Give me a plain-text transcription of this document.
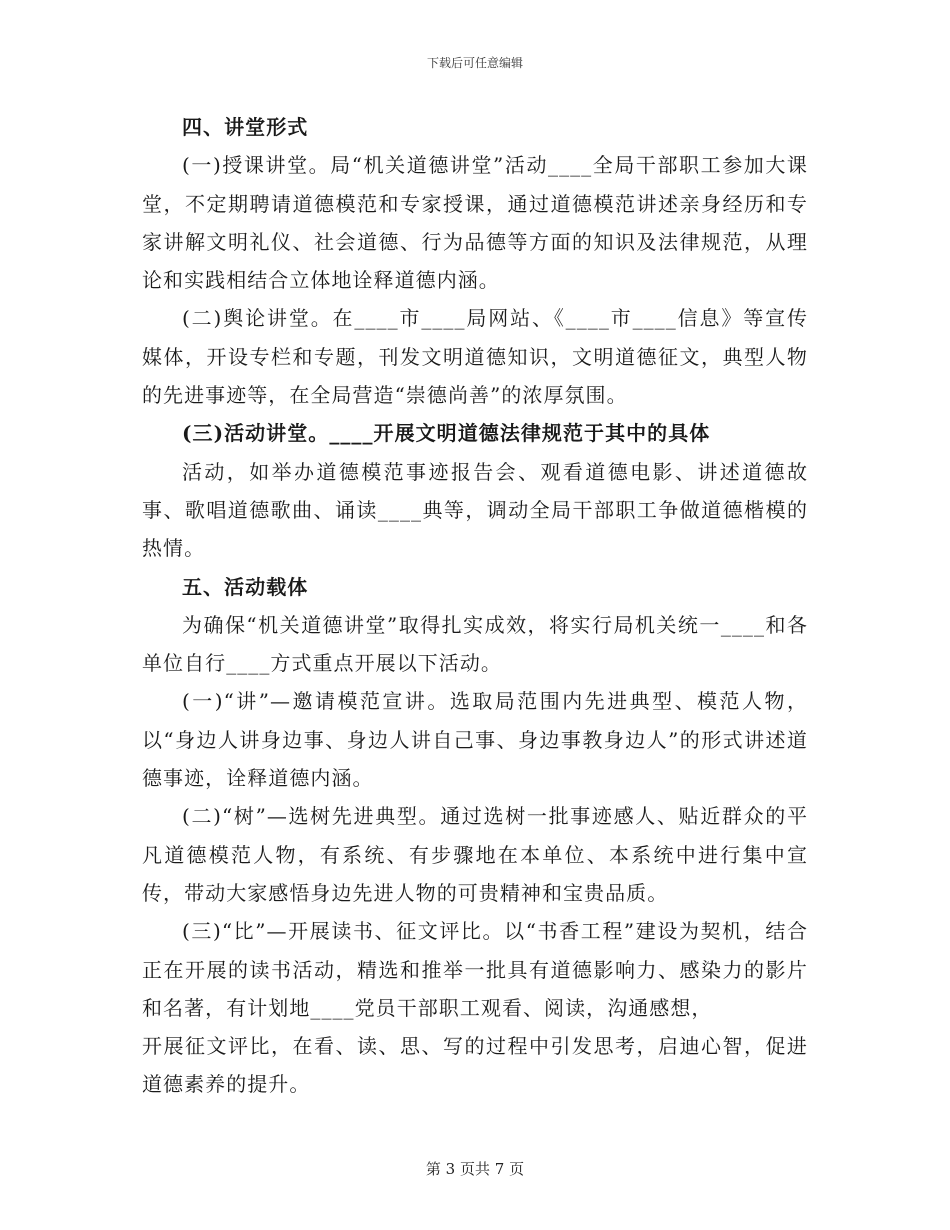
下载后可任意编辑

四、讲堂形式

(一)授课讲堂。局“机关道德讲堂”活动____全局干部职工参加大课堂，不定期聘请道德模范和专家授课，通过道德模范讲述亲身经历和专家讲解文明礼仪、社会道德、行为品德等方面的知识及法律规范，从理论和实践相结合立体地诠释道德内涵。

(二)舆论讲堂。在____市____局网站、《____市____信息》等宣传媒体，开设专栏和专题，刊发文明道德知识，文明道德征文，典型人物的先进事迹等，在全局营造“崇德尚善”的浓厚氛围。

(三)活动讲堂。____开展文明道德法律规范于其中的具体

活动，如举办道德模范事迹报告会、观看道德电影、讲述道德故事、歌唱道德歌曲、诵读____典等，调动全局干部职工争做道德楷模的热情。

五、活动载体

为确保“机关道德讲堂”取得扎实成效，将实行局机关统一____和各单位自行____方式重点开展以下活动。

(一)“讲”—邀请模范宣讲。选取局范围内先进典型、模范人物，以“身边人讲身边事、身边人讲自己事、身边事教身边人”的形式讲述道德事迹，诠释道德内涵。

(二)“树”—选树先进典型。通过选树一批事迹感人、贴近群众的平凡道德模范人物，有系统、有步骤地在本单位、本系统中进行集中宣传，带动大家感悟身边先进人物的可贵精神和宝贵品质。

(三)“比”—开展读书、征文评比。以“书香工程”建设为契机，结合正在开展的读书活动，精选和推举一批具有道德影响力、感染力的影片和名著，有计划地____党员干部职工观看、阅读，沟通感想，

开展征文评比，在看、读、思、写的过程中引发思考，启迪心智，促进道德素养的提升。

第 3 页共 7 页
